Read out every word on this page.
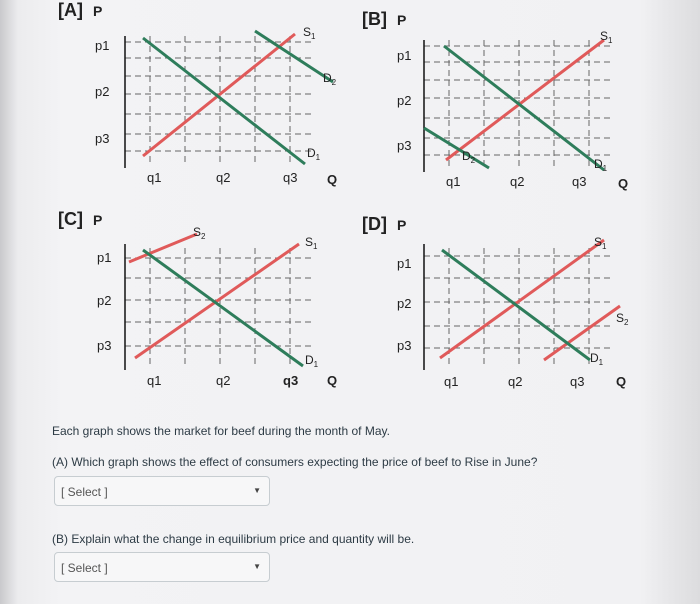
[A] P	[B] P
[C] P	[D] P
p1
p2
p3
q1	q2	q3 Q
$S_1$
$D_2$
$D_1$
p1
p2
p3
q1	q2	q3 Q
$S_1$
$D_2$	$D_1$
p1
p2
p3
q1	q2	q3 Q
$S_2$	$S_1$
$D_1$
p1
p2
p3
q1	q2	q3 Q
$S_1$
$S_2$
$D_1$
Each graph shows the market for beef during the month of May.
(A) Which graph shows the effect of consumers expecting the price of beef to Rise in June?
[ Select ]	▼
(B) Explain what the change in equilibrium price and quantity will be.
[ Select ]	▼
